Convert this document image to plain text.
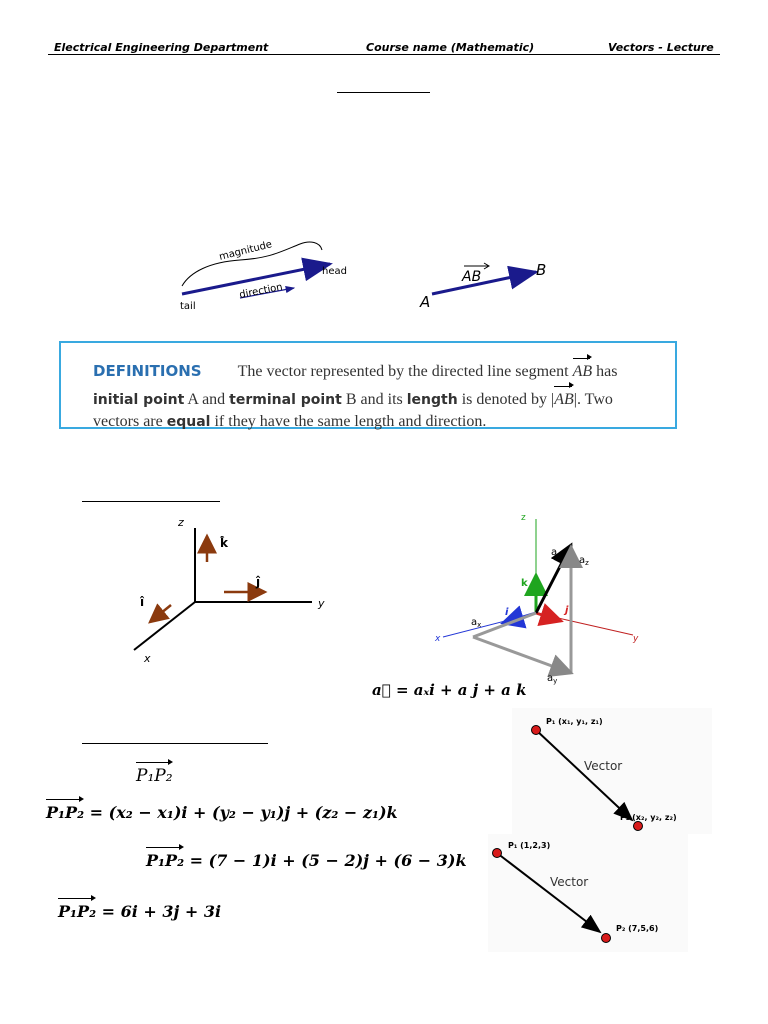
Electrical Engineering Department	Course name (Mathematic)	Vectors - Lecture
magnitude
head
tail
direction
AB	B
A
DEFINITIONS The vector represented by the directed line segment AB has
initial point A and terminal point B and its length is denoted by |AB|. Two
vectors are equal if they have the same length and direction.
z
y
x
k̂
ĵ
î
z
k
a
$a_z$
i	j
$a_x$
x	y
$a_y$
a⃗ = aₓi + a j + a k
P₁P₂
P₁P₂ = (x₂ − x₁)i + (y₂ − y₁)j + (z₂ − z₁)k
P₁P₂ = (7 − 1)i + (5 − 2)j + (6 − 3)k
P₁P₂ = 6i + 3j + 3i
P₁ (x₁, y₁, z₁)
Vector
P₂ (x₂, y₂, z₂)
P₁ (1,2,3)
Vector
P₂ (7,5,6)
